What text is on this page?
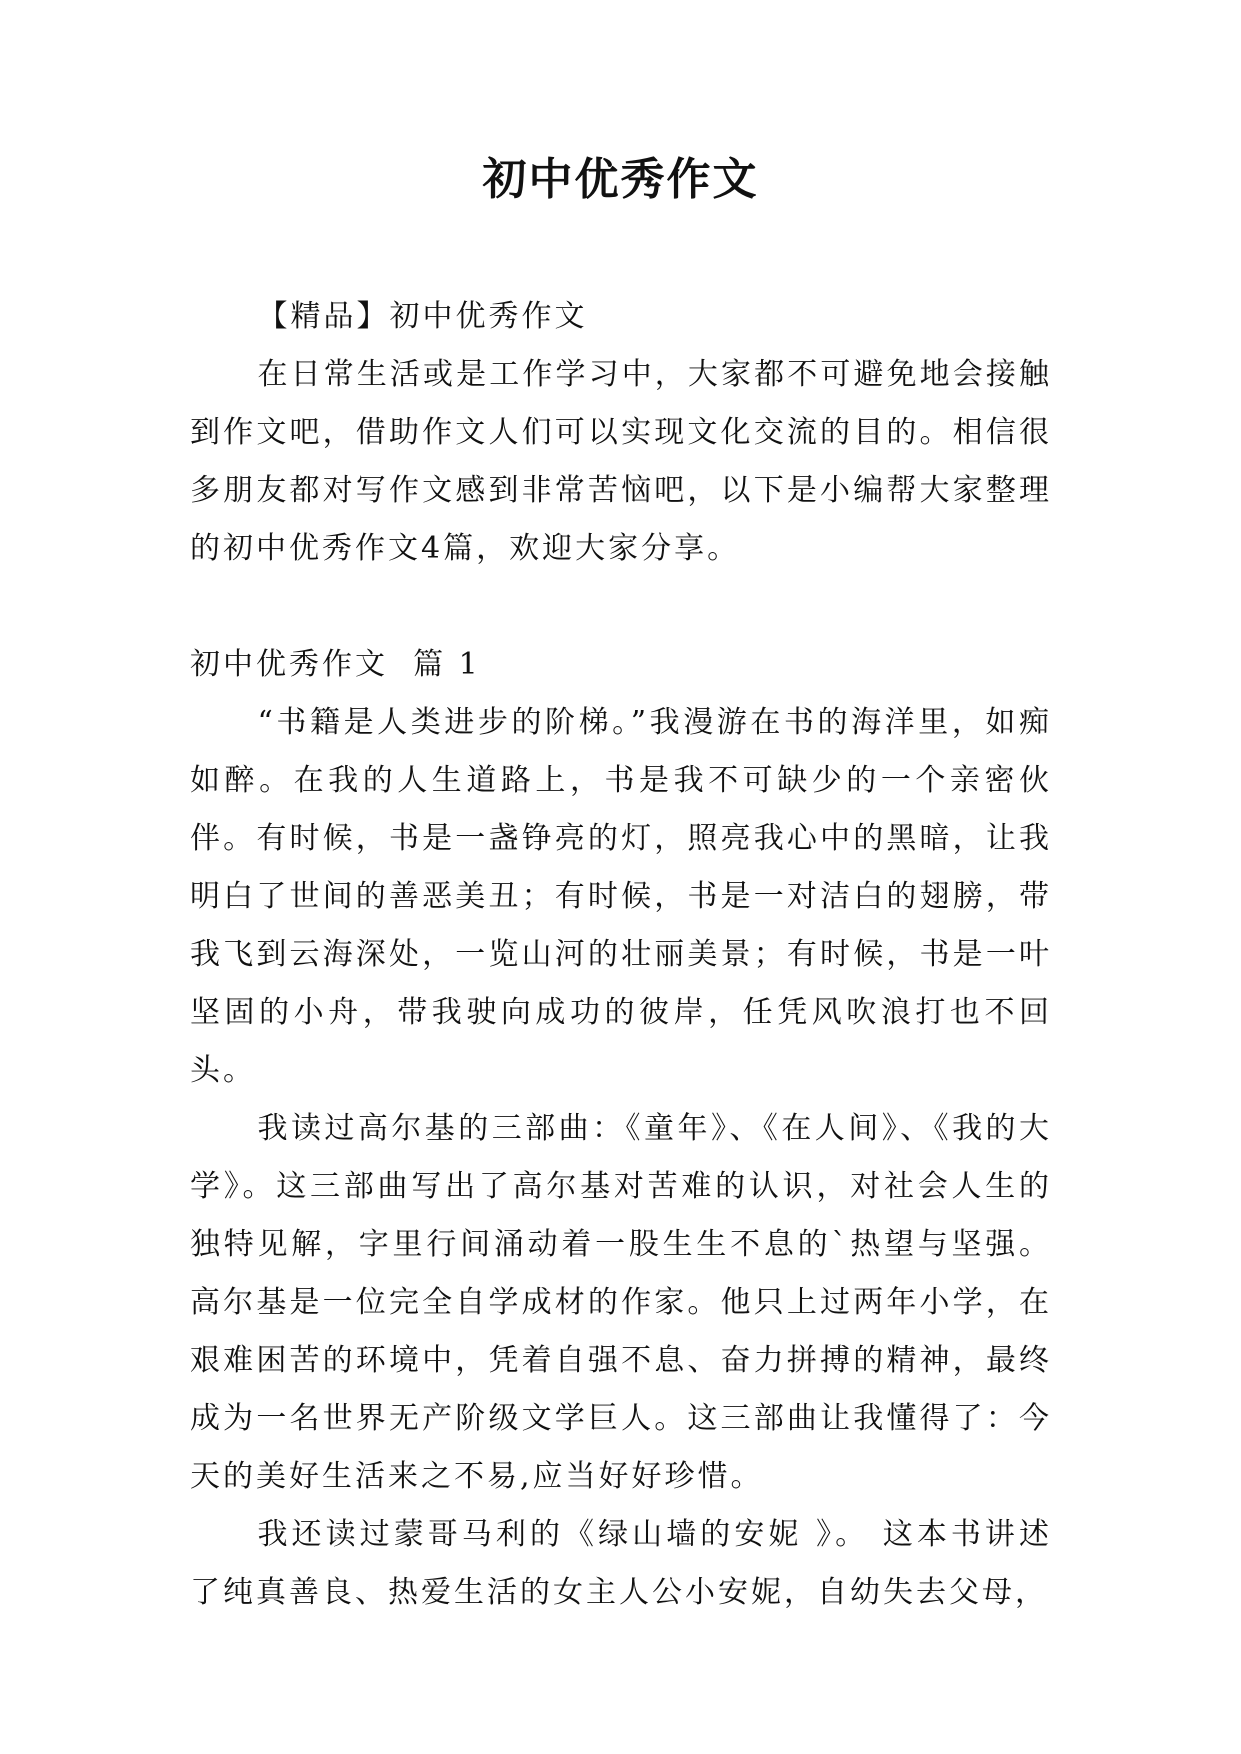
初中优秀作文

【精品】初中优秀作文

在日常生活或是工作学习中，大家都不可避免地会接触到作文吧，借助作文人们可以实现文化交流的目的。相信很多朋友都对写作文感到非常苦恼吧，以下是小编帮大家整理的初中优秀作文4篇，欢迎大家分享。

初中优秀作文  篇 1

“书籍是人类进步的阶梯。”我漫游在书的海洋里，如痴如醉。在我的人生道路上，书是我不可缺少的一个亲密伙伴。有时候，书是一盏铮亮的灯，照亮我心中的黑暗，让我明白了世间的善恶美丑；有时候，书是一对洁白的翅膀，带我飞到云海深处，一览山河的壮丽美景；有时候，书是一叶坚固的小舟，带我驶向成功的彼岸，任凭风吹浪打也不回头。

我读过高尔基的三部曲：《童年》、《在人间》、《我的大学》。这三部曲写出了高尔基对苦难的认识，对社会人生的独特见解，字里行间涌动着一股生生不息的`热望与坚强。高尔基是一位完全自学成材的作家。他只上过两年小学，在艰难困苦的环境中，凭着自强不息、奋力拼搏的精神，最终成为一名世界无产阶级文学巨人。这三部曲让我懂得了：今天的美好生活来之不易,应当好好珍惜。

我还读过蒙哥马利的《绿山墙的安妮 》。 这本书讲述了纯真善良、热爱生活的女主人公小安妮，自幼失去父母，
